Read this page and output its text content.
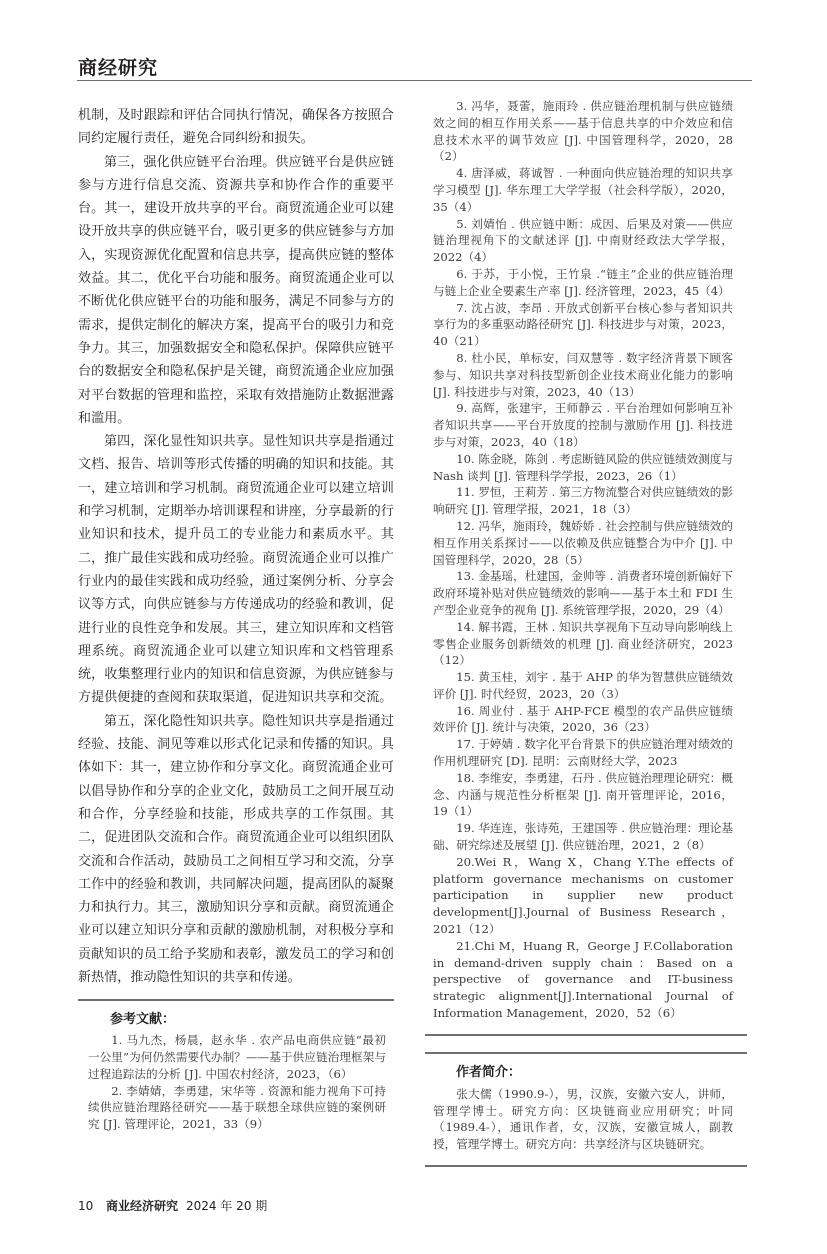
商经研究

机制，及时跟踪和评估合同执行情况，确保各方按照合同约定履行责任，避免合同纠纷和损失。

第三，强化供应链平台治理。供应链平台是供应链参与方进行信息交流、资源共享和协作合作的重要平台。其一，建设开放共享的平台。商贸流通企业可以建设开放共享的供应链平台，吸引更多的供应链参与方加入，实现资源优化配置和信息共享，提高供应链的整体效益。其二，优化平台功能和服务。商贸流通企业可以不断优化供应链平台的功能和服务，满足不同参与方的需求，提供定制化的解决方案，提高平台的吸引力和竞争力。其三，加强数据安全和隐私保护。保障供应链平台的数据安全和隐私保护是关键，商贸流通企业应加强对平台数据的管理和监控，采取有效措施防止数据泄露和滥用。

第四，深化显性知识共享。显性知识共享是指通过文档、报告、培训等形式传播的明确的知识和技能。其一，建立培训和学习机制。商贸流通企业可以建立培训和学习机制，定期举办培训课程和讲座，分享最新的行业知识和技术，提升员工的专业能力和素质水平。其二，推广最佳实践和成功经验。商贸流通企业可以推广行业内的最佳实践和成功经验，通过案例分析、分享会议等方式，向供应链参与方传递成功的经验和教训，促进行业的良性竞争和发展。其三，建立知识库和文档管理系统。商贸流通企业可以建立知识库和文档管理系统，收集整理行业内的知识和信息资源，为供应链参与方提供便捷的查阅和获取渠道，促进知识共享和交流。

第五，深化隐性知识共享。隐性知识共享是指通过经验、技能、洞见等难以形式化记录和传播的知识。具体如下：其一，建立协作和分享文化。商贸流通企业可以倡导协作和分享的企业文化，鼓励员工之间开展互动和合作，分享经验和技能，形成共享的工作氛围。其二，促进团队交流和合作。商贸流通企业可以组织团队交流和合作活动，鼓励员工之间相互学习和交流，分享工作中的经验和教训，共同解决问题，提高团队的凝聚力和执行力。其三，激励知识分享和贡献。商贸流通企业可以建立知识分享和贡献的激励机制，对积极分享和贡献知识的员工给予奖励和表彰，激发员工的学习和创新热情，推动隐性知识的共享和传递。

参考文献：

1. 马九杰，杨晨，赵永华 . 农产品电商供应链“最初一公里”为何仍然需要代办制？——基于供应链治理框架与过程追踪法的分析 [J]. 中国农村经济，2023，（6）

2. 李婧婧，李勇建，宋华等 . 资源和能力视角下可持续供应链治理路径研究——基于联想全球供应链的案例研究 [J]. 管理评论，2021，33（9）

3. 冯华，聂蕾，施雨玲 . 供应链治理机制与供应链绩效之间的相互作用关系——基于信息共享的中介效应和信息技术水平的调节效应 [J]. 中国管理科学，2020，28（2）

4. 唐泽威，蒋诚智 . 一种面向供应链治理的知识共享学习模型 [J]. 华东理工大学学报（社会科学版），2020，35（4）

5. 刘婧怡 . 供应链中断：成因、后果及对策——供应链治理视角下的文献述评 [J]. 中南财经政法大学学报，2022（4）

6. 于苏，于小悦，王竹泉 .“链主”企业的供应链治理与链上企业全要素生产率 [J]. 经济管理，2023，45（4）

7. 沈占波，李昂 . 开放式创新平台核心参与者知识共享行为的多重驱动路径研究 [J]. 科技进步与对策，2023，40（21）

8. 杜小民，单标安，闫双慧等 . 数字经济背景下顾客参与、知识共享对科技型新创企业技术商业化能力的影响 [J]. 科技进步与对策，2023，40（13）

9. 高辉，张建宇，王师静云 . 平台治理如何影响互补者知识共享——平台开放度的控制与激励作用 [J]. 科技进步与对策，2023，40（18）

10. 陈金晓，陈剑 . 考虑断链风险的供应链绩效测度与 Nash 谈判 [J]. 管理科学学报，2023，26（1）

11. 罗恒，王莉芳 . 第三方物流整合对供应链绩效的影响研究 [J]. 管理学报，2021，18（3）

12. 冯华，施雨玲，魏娇娇 . 社会控制与供应链绩效的相互作用关系探讨——以依赖及供应链整合为中介 [J]. 中国管理科学，2020，28（5）

13. 金基瑶，杜建国，金帅等 . 消费者环境创新偏好下政府环境补贴对供应链绩效的影响——基于本土和 FDI 生产型企业竞争的视角 [J]. 系统管理学报，2020，29（4）

14. 解书霞，王林 . 知识共享视角下互动导向影响线上零售企业服务创新绩效的机理 [J]. 商业经济研究，2023（12）

15. 黄玉桂，刘宇 . 基于 AHP 的华为智慧供应链绩效评价 [J]. 时代经贸，2023，20（3）

16. 周业付 . 基于 AHP-FCE 模型的农产品供应链绩效评价 [J]. 统计与决策，2020，36（23）

17. 于婷婧 . 数字化平台背景下的供应链治理对绩效的作用机理研究 [D]. 昆明：云南财经大学，2023

18. 李维安，李勇建，石丹 . 供应链治理理论研究：概念、内涵与规范性分析框架 [J]. 南开管理评论，2016，19（1）

19. 华连连，张诗苑，王建国等 . 供应链治理：理论基础、研究综述及展望 [J]. 供应链治理，2021，2（8）

20.Wei R，Wang X，Chang Y.The effects of platform governance mechanisms on customer participation in supplier new product development[J].Journal of Business Research，2021（12）

21.Chi M，Huang R，George J F.Collaboration in demand-driven supply chain：Based on a perspective of governance and IT-business strategic alignment[J].International Journal of Information Management，2020，52（6）

作者简介：

张大儒（1990.9-），男，汉族，安徽六安人，讲师，管理学博士。研究方向：区块链商业应用研究；叶同（1989.4-），通讯作者，女，汉族，安徽宣城人，副教授，管理学博士。研究方向：共享经济与区块链研究。

10 商业经济研究 2024 年 20 期
